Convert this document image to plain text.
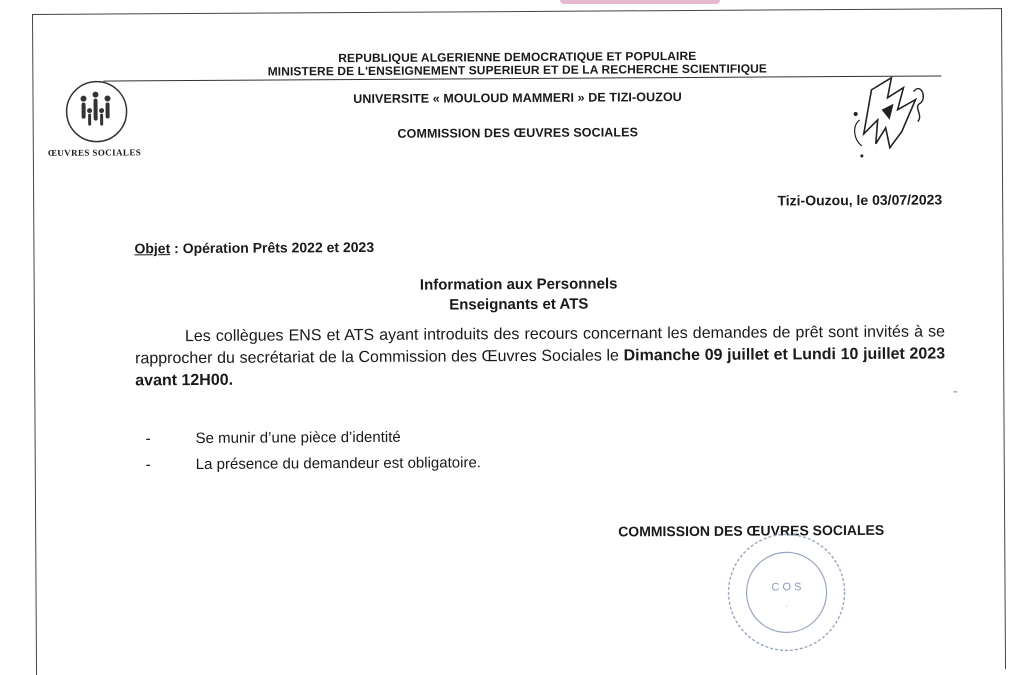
REPUBLIQUE ALGERIENNE DEMOCRATIQUE ET POPULAIRE
MINISTERE DE L'ENSEIGNEMENT SUPERIEUR ET DE LA RECHERCHE SCIENTIFIQUE
UNIVERSITE « MOULOUD MAMMERI » DE TIZI-OUZOU
COMMISSION DES ŒUVRES SOCIALES
ŒUVRES SOCIALES
Tizi-Ouzou, le 03/07/2023
Objet : Opération Prêts 2022 et 2023
Information aux Personnels
Enseignants et ATS
Les collègues ENS et ATS ayant introduits des recours concernant les demandes de prêt sont invités à se rapprocher du secrétariat de la Commission des Œuvres Sociales le Dimanche 09 juillet et Lundi 10 juillet 2023 avant 12H00.
-	Se munir d’une pièce d’identité
-	La présence du demandeur est obligatoire.
COMMISSION DES ŒUVRES SOCIALES
C O S
.
